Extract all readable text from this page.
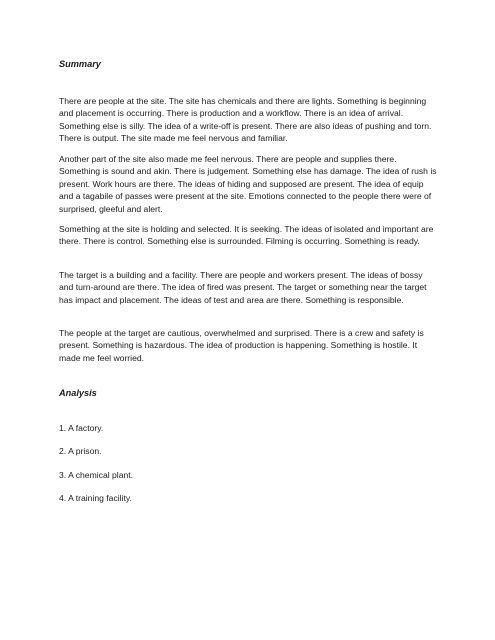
Summary

There are people at the site. The site has chemicals and there are lights. Something is beginning and placement is occurring. There is production and a workflow. There is an idea of arrival. Something else is silly. The idea of a write-off is present. There are also ideas of pushing and torn. There is output. The site made me feel nervous and familiar.

Another part of the site also made me feel nervous. There are people and supplies there. Something is sound and akin. There is judgement. Something else has damage. The idea of rush is present. Work hours are there. The ideas of hiding and supposed are present. The idea of equip and a tagabile of passes were present at the site. Emotions connected to the people there were of surprised, gleeful and alert.

Something at the site is holding and selected. It is seeking. The ideas of isolated and important are there. There is control. Something else is surrounded. Filming is occurring. Something is ready.

The target is a building and a facility. There are people and workers present. The ideas of bossy and turn-around are there. The idea of fired was present. The target or something near the target has impact and placement. The ideas of test and area are there. Something is responsible.

The people at the target are cautious, overwhelmed and surprised. There is a crew and safety is present. Something is hazardous. The idea of production is happening. Something is hostile. It made me feel worried.

Analysis

1. A factory.

2. A prison.

3. A chemical plant.

4. A training facility.
